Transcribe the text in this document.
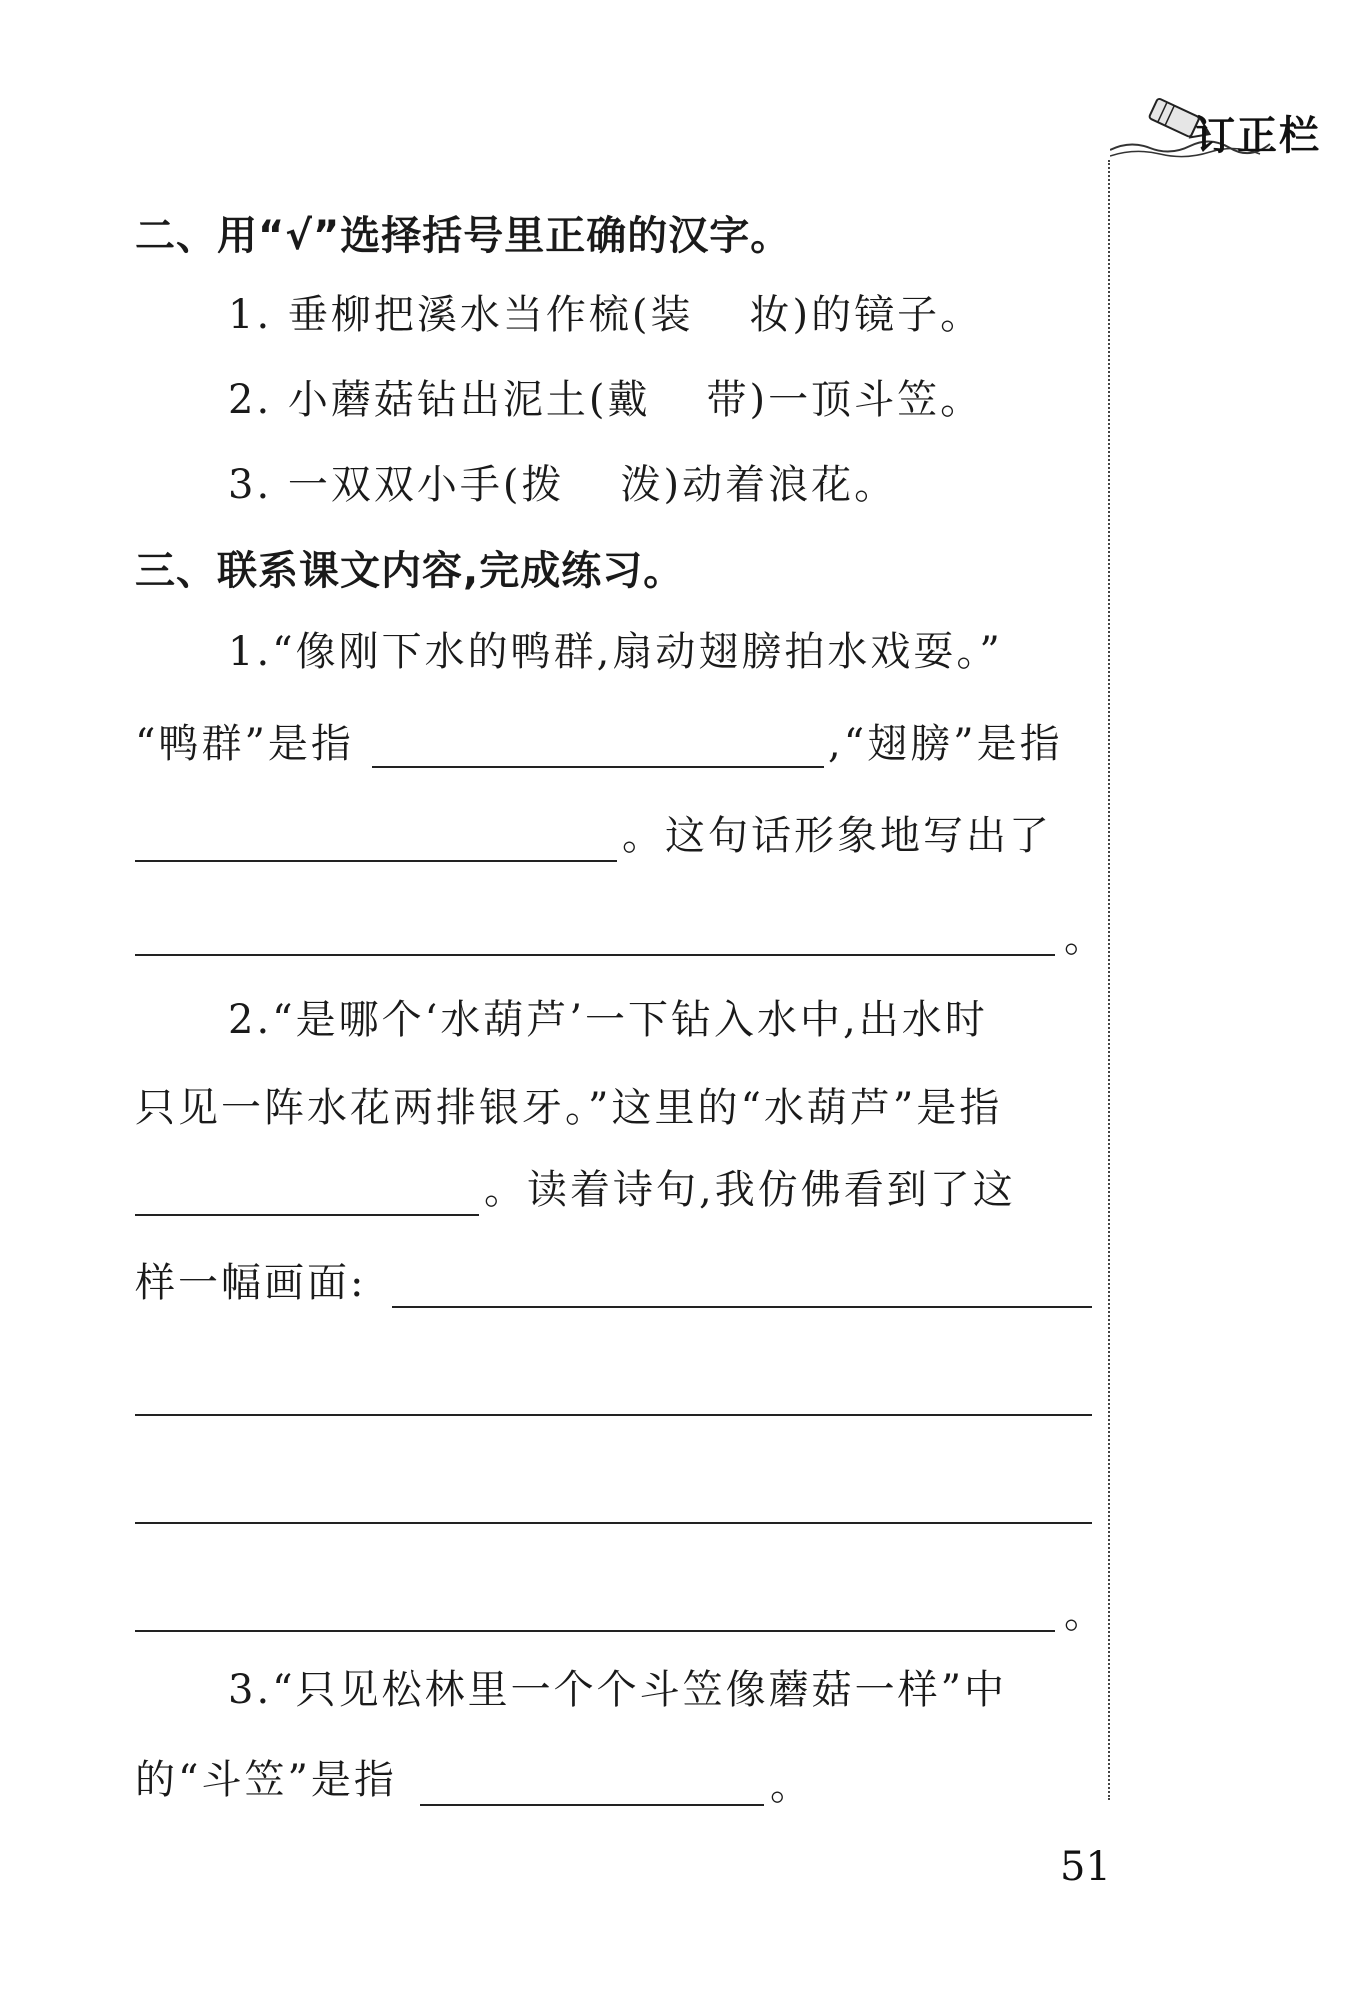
订正栏
二、用“√”选择括号里正确的汉字。
1. 垂柳把溪水当作梳(装 妆)的镜子。
2. 小蘑菇钻出泥土(戴 带)一顶斗笠。
3. 一双双小手(拨 泼)动着浪花。
三、联系课文内容,完成练习。
1.“像刚下水的鸭群,扇动翅膀拍水戏耍。”
“鸭群”是指	,“翅膀”是指
。这句话形象地写出了
。
2.“是哪个‘水葫芦’一下钻入水中,出水时
只见一阵水花两排银牙。”这里的“水葫芦”是指
。读着诗句,我仿佛看到了这
样一幅画面:
。
3.“只见松林里一个个斗笠像蘑菇一样”中
的“斗笠”是指	。
51
